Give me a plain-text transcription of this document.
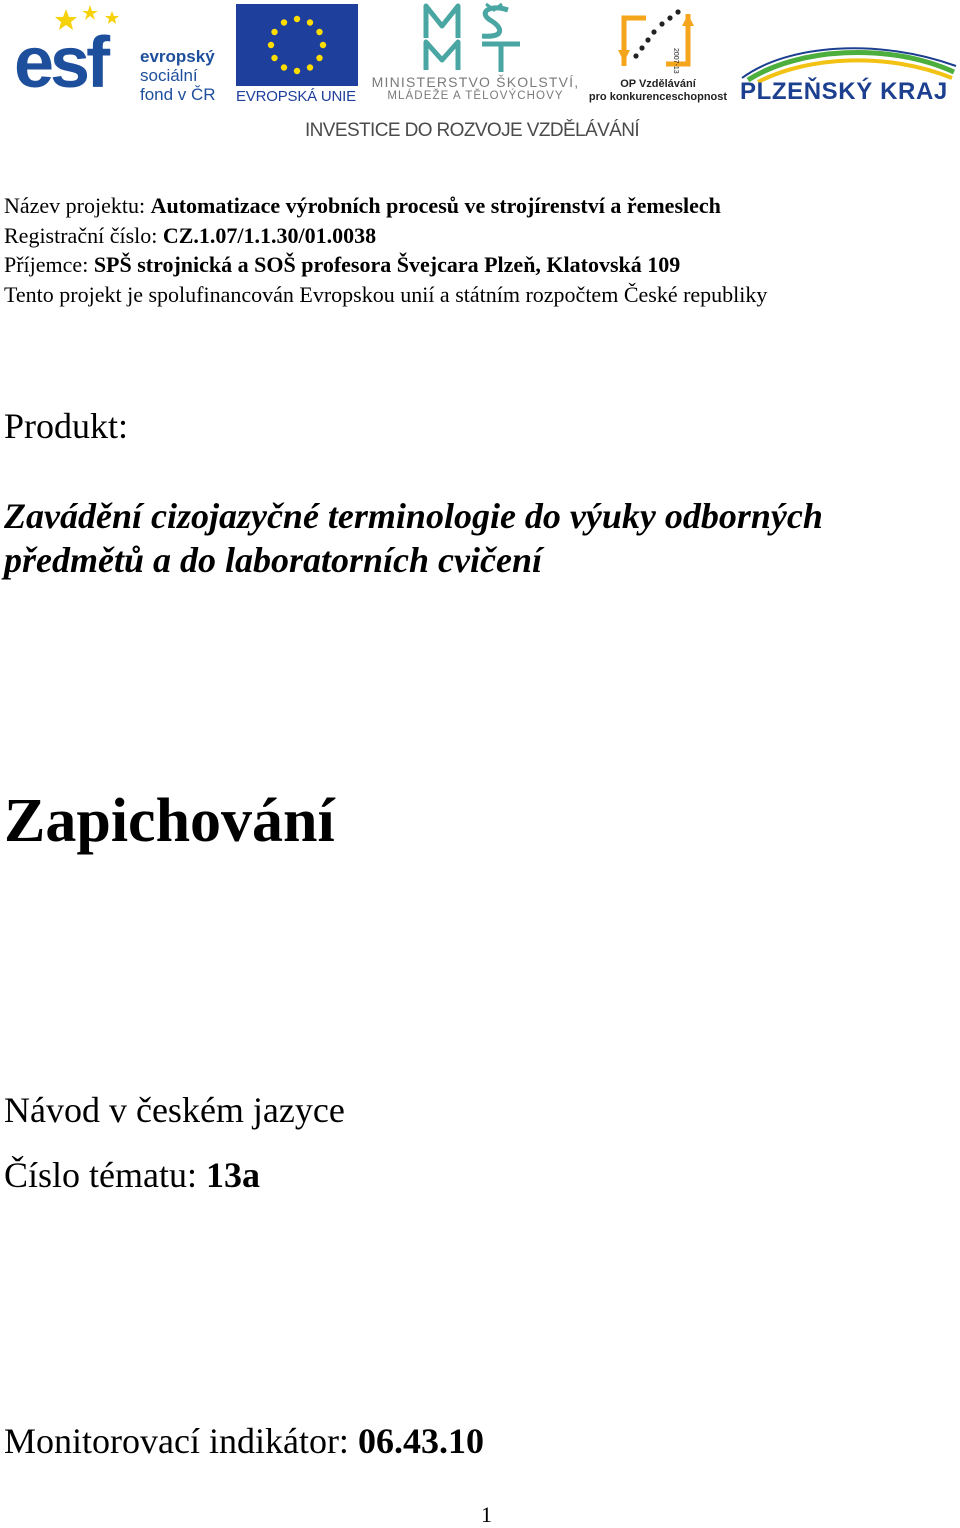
esf evropský
sociální
fond v ČR EVROPSKÁ UNIE
MINISTERSTVO ŠKOLSTVÍ,
MLÁDEŽE A TĚLOVÝCHOVY
2007-13
OP Vzdělávání
pro konkurenceschopnost PLZEŇSKÝ KRAJ
INVESTICE DO ROZVOJE VZDĚLÁVÁNÍ
Název projektu: Automatizace výrobních procesů ve strojírenství a řemeslech
Registrační číslo: CZ.1.07/1.1.30/01.0038
Příjemce: SPŠ strojnická a SOŠ profesora Švejcara Plzeň, Klatovská 109
Tento projekt je spolufinancován Evropskou unií a státním rozpočtem České republiky
Produkt:
Zavádění cizojazyčné terminologie do výuky odborných předmětů a do laboratorních cvičení
Zapichování
Návod v českém jazyce
Číslo tématu: 13a
Monitorovací indikátor: 06.43.10
1
